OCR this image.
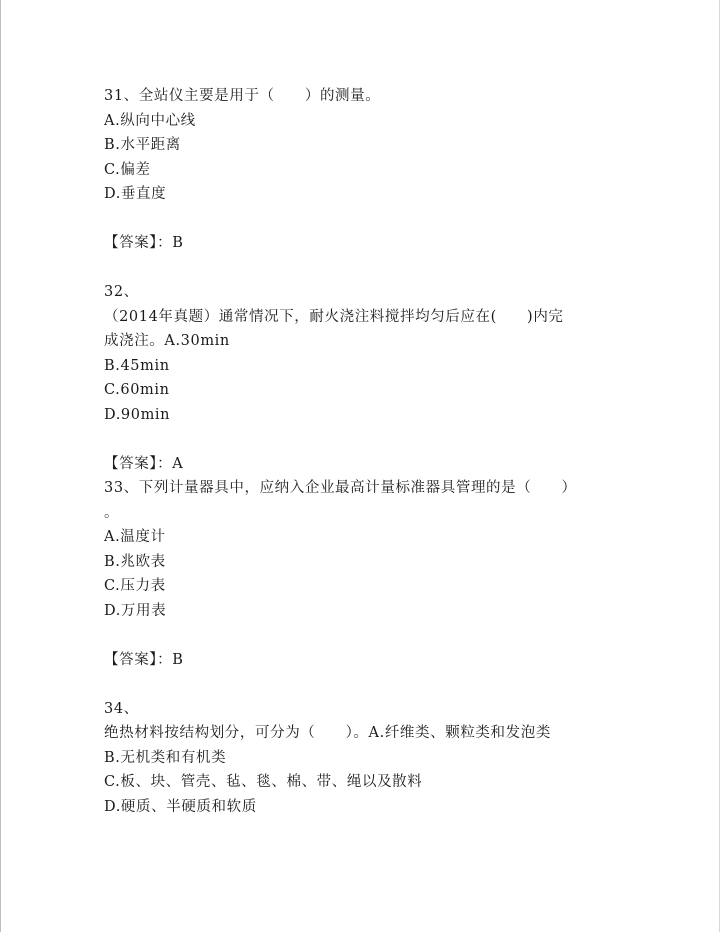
31、全站仪主要是用于（　　）的测量。
A.纵向中心线
B.水平距离
C.偏差
D.垂直度
【答案】：B
32、
（2014年真题）通常情况下，耐火浇注料搅拌均匀后应在(　　)内完
成浇注。A.30min
B.45min
C.60min
D.90min
【答案】：A
33、下列计量器具中，应纳入企业最高计量标准器具管理的是（　　）
。
A.温度计
B.兆欧表
C.压力表
D.万用表
【答案】：B
34、
绝热材料按结构划分，可分为（　　）。A.纤维类、颗粒类和发泡类
B.无机类和有机类
C.板、块、管壳、毡、毯、棉、带、绳以及散料
D.硬质、半硬质和软质
